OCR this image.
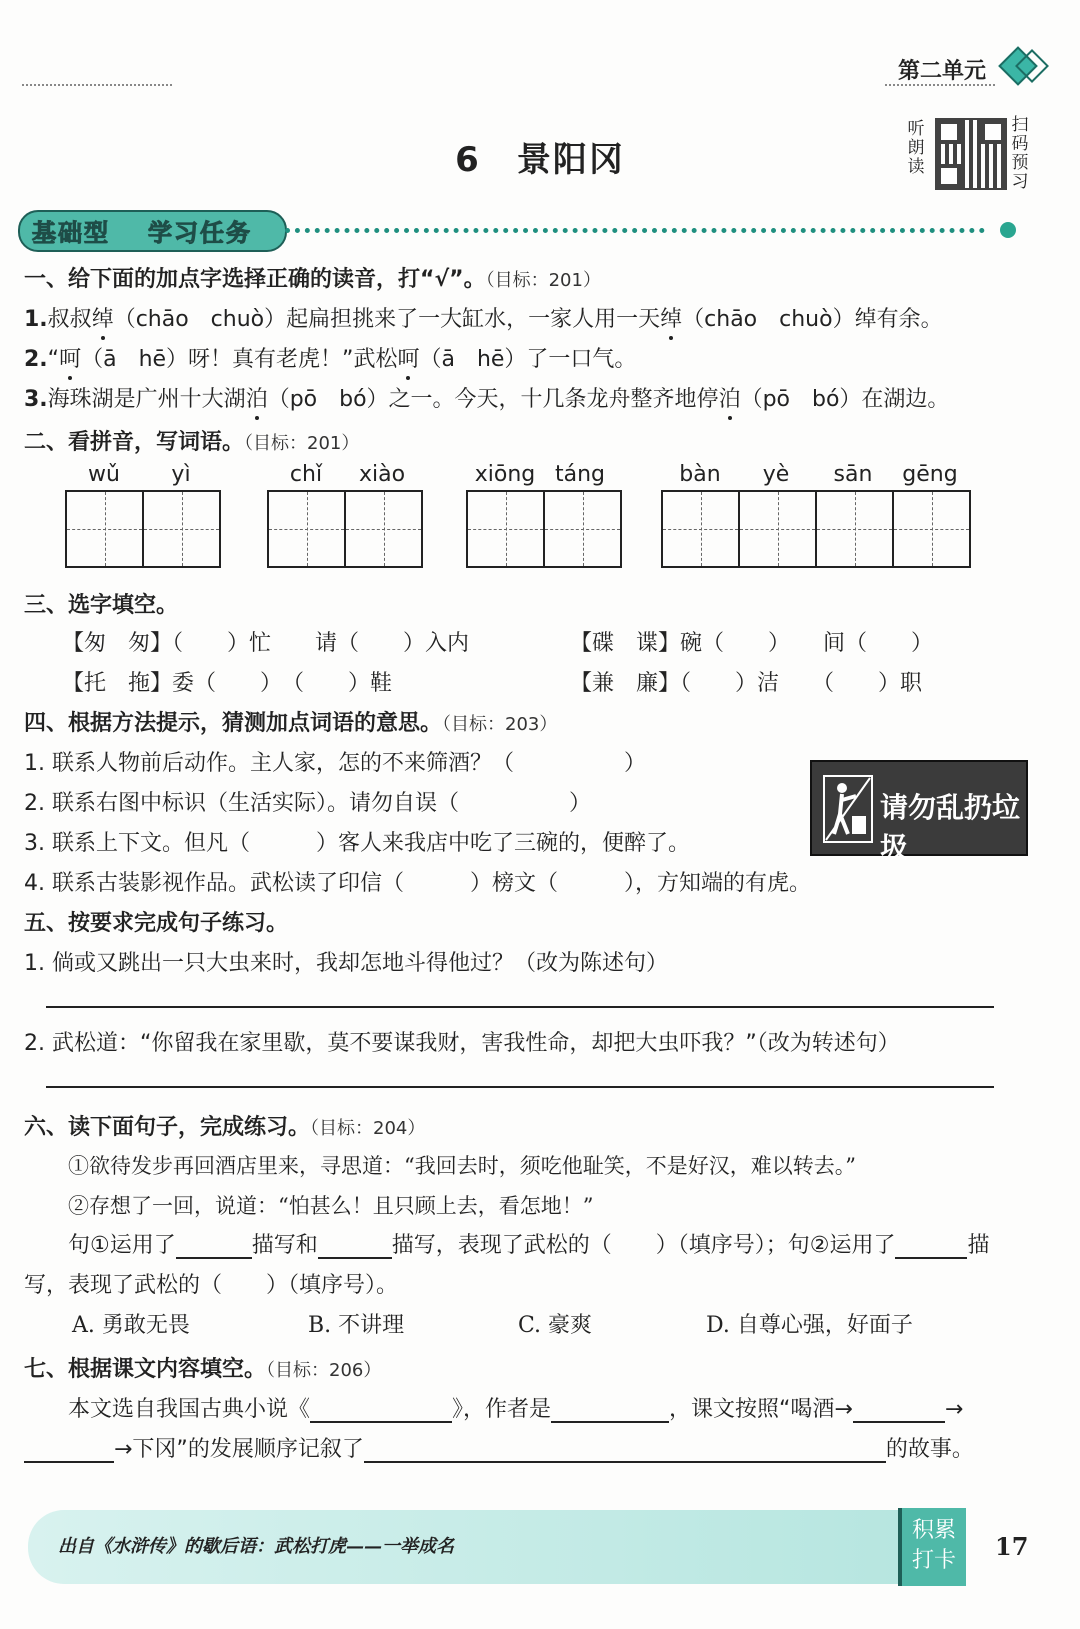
第二单元
6　景阳冈
听朗读
扫码预习
基础型 学习任务
一、给下面的加点字选择正确的读音，打“√”。（目标：201）
1.叔叔绰（chāo　chuò）起扁担挑来了一大缸水，一家人用一天绰（chāo　chuò）绰有余。
2.“呵（ā　hē）呀！真有老虎！”武松呵（ā　hē）了一口气。
3.海珠湖是广州十大湖泊（pō　bó）之一。今天，十几条龙舟整齐地停泊（pō　bó）在湖边。
二、看拼音，写词语。（目标：201）
wǔ	yì	chǐ	xiào	xiōng táng	bàn	yè	sān	gēng
三、选字填空。
【匆　匆】（　　）忙　　请（　　）入内	【碟　谍】碗（　　）　　间（　　）
【托　拖】委（　　）　（　　）鞋	【兼　廉】（　　）洁　　（　　）职
四、根据方法提示，猜测加点词语的意思。（目标：203）
1. 联系人物前后动作。主人家，怎的不来筛酒？（　　　　　）
2. 联系右图中标识（生活实际）。请勿自误（　　　　　）
3. 联系上下文。但凡（　　　）客人来我店中吃了三碗的，便醉了。
4. 联系古装影视作品。武松读了印信（　　　）榜文（　　　），方知端的有虎。
请勿乱扔垃圾
五、按要求完成句子练习。
1. 倘或又跳出一只大虫来时，我却怎地斗得他过？（改为陈述句）
2. 武松道：“你留我在家里歇，莫不要谋我财，害我性命，却把大虫吓我？”（改为转述句）
六、读下面句子，完成练习。（目标：204）
①欲待发步再回酒店里来，寻思道：“我回去时，须吃他耻笑，不是好汉，难以转去。”
②存想了一回，说道：“怕甚么！且只顾上去，看怎地！”
句①运用了	描写和	描写，表现了武松的（　　）（填序号）；句②运用了	描
写，表现了武松的（　　）（填序号）。
A. 勇敢无畏	B. 不讲理	C. 豪爽	D. 自尊心强，好面子
七、根据课文内容填空。（目标：206）
本文选自我国古典小说《	》，作者是	，课文按照“喝酒→	→
→下冈”的发展顺序记叙了	的故事。
出自《水浒传》的歇后语：武松打虎——一举成名
积累打卡	17
